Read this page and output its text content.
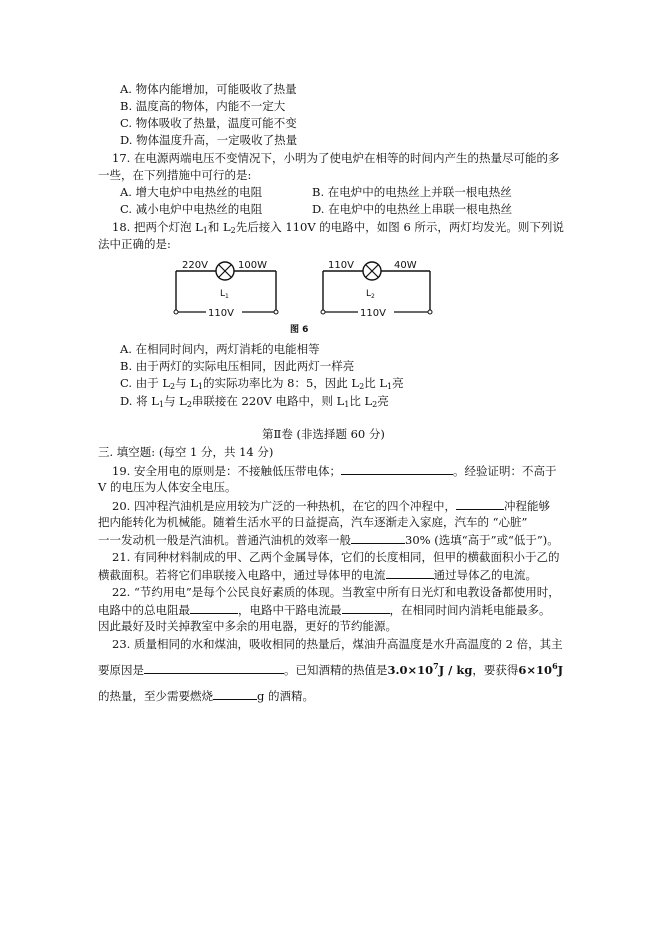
A. 物体内能增加，可能吸收了热量
B. 温度高的物体，内能不一定大
C. 物体吸收了热量，温度可能不变
D. 物体温度升高，一定吸收了热量
17. 在电源两端电压不变情况下，小明为了使电炉在相等的时间内产生的热量尽可能的多
一些，在下列措施中可行的是:
A. 增大电炉中电热丝的电阻	B. 在电炉中的电热丝上并联一根电热丝
C. 减小电炉中电热丝的电阻	D. 在电炉中的电热丝上串联一根电热丝
18. 把两个灯泡 $L_1$和 $L_2$先后接入 110V 的电路中，如图 6 所示，两灯均发光。则下列说
法中正确的是:
220V	100W
$L_1$
110V
110V	40W
$L_2$
110V
图 6
A. 在相同时间内，两灯消耗的电能相等
B. 由于两灯的实际电压相同，因此两灯一样亮
C. 由于 $L_2$与 $L_1$的实际功率比为 8：5，因此 $L_2$比 $L_1$亮
D. 将 $L_1$与 $L_2$串联接在 220V 电路中，则 $L_1$比 $L_2$亮
第Ⅱ卷 (非选择题 60 分)
三. 填空题: (每空 1 分，共 14 分)
19. 安全用电的原则是：不接触低压带电体；	。经验证明：不高于
V 的电压为人体安全电压。
20. 四冲程汽油机是应用较为广泛的一种热机，在它的四个冲程中，	冲程能够
把内能转化为机械能。随着生活水平的日益提高，汽车逐渐走入家庭，汽车的 “心脏”
一一发动机一般是汽油机。普通汽油机的效率一般	30% (选填“高于”或“低于”)。
21. 有同种材料制成的甲、乙两个金属导体，它们的长度相同，但甲的横截面积小于乙的
横截面积。若将它们串联接入电路中，通过导体甲的电流	通过导体乙的电流。
22. “节约用电”是每个公民良好素质的体现。当教室中所有日光灯和电教设备都使用时，
电路中的总电阻最	，电路中干路电流最	，在相同时间内消耗电能最多。
因此最好及时关掉教室中多余的用电器，更好的节约能源。
23. 质量相同的水和煤油，吸收相同的热量后，煤油升高温度是水升高温度的 2 倍，其主
要原因是	。已知酒精的热值是$3.0\times 10^7J$ / kg，要获得$6\times 10^6J$
的热量，至少需要燃烧	g 的酒精。
